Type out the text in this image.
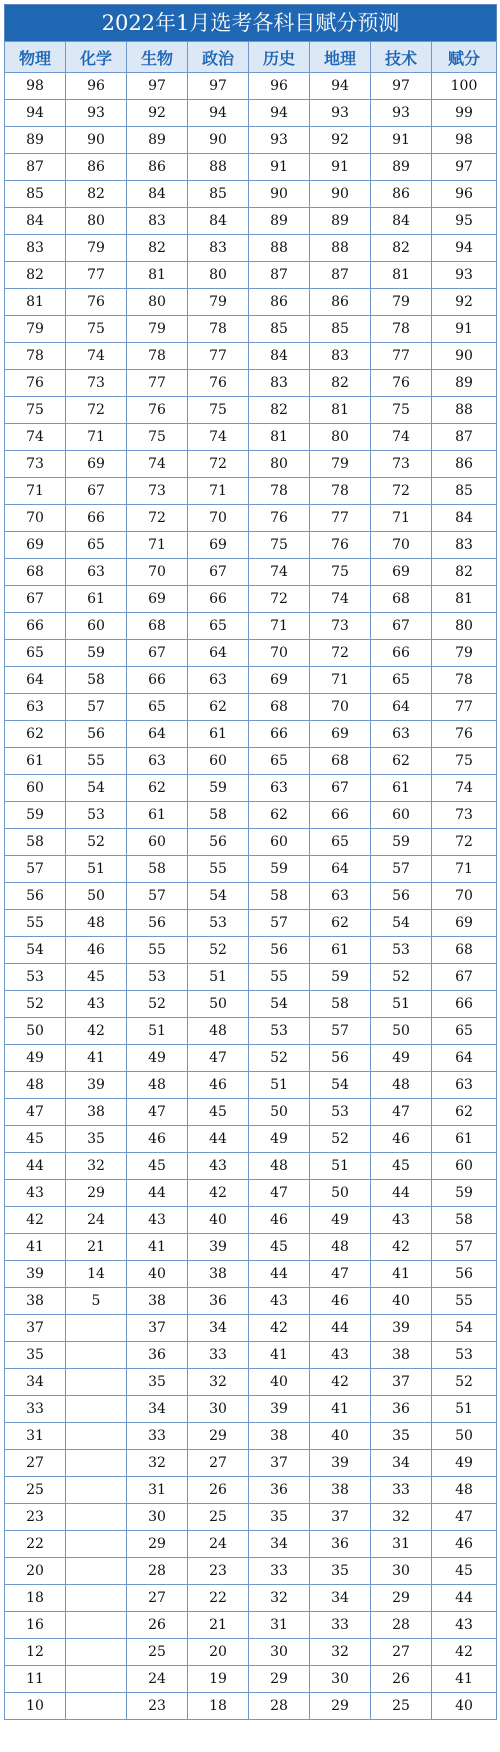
2022年1月选考各科目赋分预测
物理	化学	生物	政治	历史	地理	技术	赋分
98	96	97	97	96	94	97	100
94	93	92	94	94	93	93	99
89	90	89	90	93	92	91	98
87	86	86	88	91	91	89	97
85	82	84	85	90	90	86	96
84	80	83	84	89	89	84	95
83	79	82	83	88	88	82	94
82	77	81	80	87	87	81	93
81	76	80	79	86	86	79	92
79	75	79	78	85	85	78	91
78	74	78	77	84	83	77	90
76	73	77	76	83	82	76	89
75	72	76	75	82	81	75	88
74	71	75	74	81	80	74	87
73	69	74	72	80	79	73	86
71	67	73	71	78	78	72	85
70	66	72	70	76	77	71	84
69	65	71	69	75	76	70	83
68	63	70	67	74	75	69	82
67	61	69	66	72	74	68	81
66	60	68	65	71	73	67	80
65	59	67	64	70	72	66	79
64	58	66	63	69	71	65	78
63	57	65	62	68	70	64	77
62	56	64	61	66	69	63	76
61	55	63	60	65	68	62	75
60	54	62	59	63	67	61	74
59	53	61	58	62	66	60	73
58	52	60	56	60	65	59	72
57	51	58	55	59	64	57	71
56	50	57	54	58	63	56	70
55	48	56	53	57	62	54	69
54	46	55	52	56	61	53	68
53	45	53	51	55	59	52	67
52	43	52	50	54	58	51	66
50	42	51	48	53	57	50	65
49	41	49	47	52	56	49	64
48	39	48	46	51	54	48	63
47	38	47	45	50	53	47	62
45	35	46	44	49	52	46	61
44	32	45	43	48	51	45	60
43	29	44	42	47	50	44	59
42	24	43	40	46	49	43	58
41	21	41	39	45	48	42	57
39	14	40	38	44	47	41	56
38	5	38	36	43	46	40	55
37		37	34	42	44	39	54
35		36	33	41	43	38	53
34		35	32	40	42	37	52
33		34	30	39	41	36	51
31		33	29	38	40	35	50
27		32	27	37	39	34	49
25		31	26	36	38	33	48
23		30	25	35	37	32	47
22		29	24	34	36	31	46
20		28	23	33	35	30	45
18		27	22	32	34	29	44
16		26	21	31	33	28	43
12		25	20	30	32	27	42
11		24	19	29	30	26	41
10		23	18	28	29	25	40
